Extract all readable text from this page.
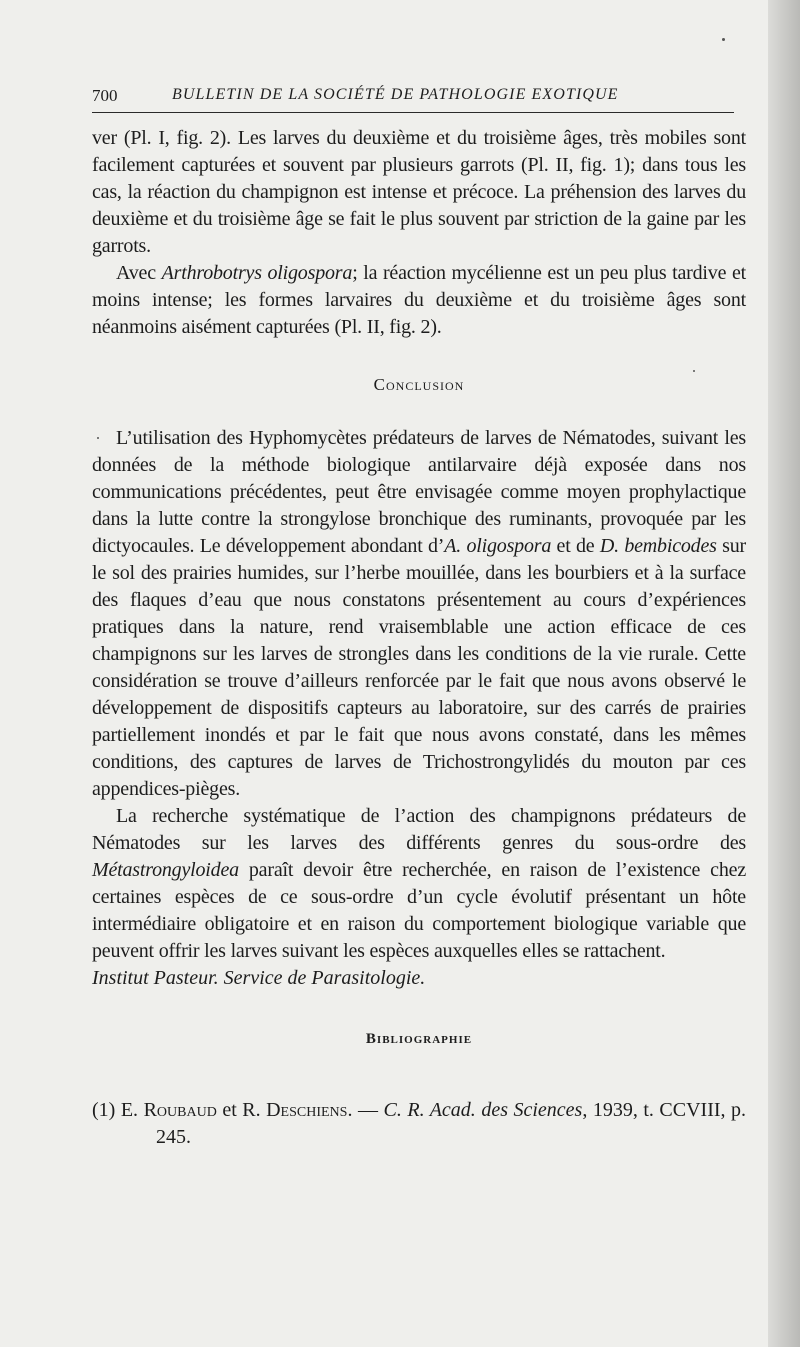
700	BULLETIN DE LA SOCIÉTÉ DE PATHOLOGIE EXOTIQUE

ver (Pl. I, fig. 2). Les larves du deuxième et du troisième âges, très mobiles sont facilement capturées et souvent par plusieurs garrots (Pl. II, fig. 1); dans tous les cas, la réaction du champignon est intense et précoce. La préhension des larves du deuxième et du troisième âge se fait le plus souvent par striction de la gaine par les garrots.

Avec Arthrobotrys oligospora; la réaction mycélienne est un peu plus tardive et moins intense; les formes larvaires du deuxième et du troisième âges sont néanmoins aisément capturées (Pl. II, fig. 2).

Conclusion

L’utilisation des Hyphomycètes prédateurs de larves de Nématodes, suivant les données de la méthode biologique antilarvaire déjà exposée dans nos communications précédentes, peut être envisagée comme moyen prophylactique dans la lutte contre la strongylose bronchique des ruminants, provoquée par les dictyocaules. Le développement abondant d’A. oligospora et de D. bembicodes sur le sol des prairies humides, sur l’herbe mouillée, dans les bourbiers et à la surface des flaques d’eau que nous constatons présentement au cours d’expériences pratiques dans la nature, rend vraisemblable une action efficace de ces champignons sur les larves de strongles dans les conditions de la vie rurale. Cette considération se trouve d’ailleurs renforcée par le fait que nous avons observé le développement de dispositifs capteurs au laboratoire, sur des carrés de prairies partiellement inondés et par le fait que nous avons constaté, dans les mêmes conditions, des captures de larves de Trichostrongylidés du mouton par ces appendices-pièges.

La recherche systématique de l’action des champignons prédateurs de Nématodes sur les larves des différents genres du sous-ordre des Métastrongyloidea paraît devoir être recherchée, en raison de l’existence chez certaines espèces de ce sous-ordre d’un cycle évolutif présentant un hôte intermédiaire obligatoire et en raison du comportement biologique variable que peuvent offrir les larves suivant les espèces auxquelles elles se rattachent.

Institut Pasteur. Service de Parasitologie.

Bibliographie

(1) E. Roubaud et R. Deschiens. — C. R. Acad. des Sciences, 1939, t. CCVIII, p. 245.
